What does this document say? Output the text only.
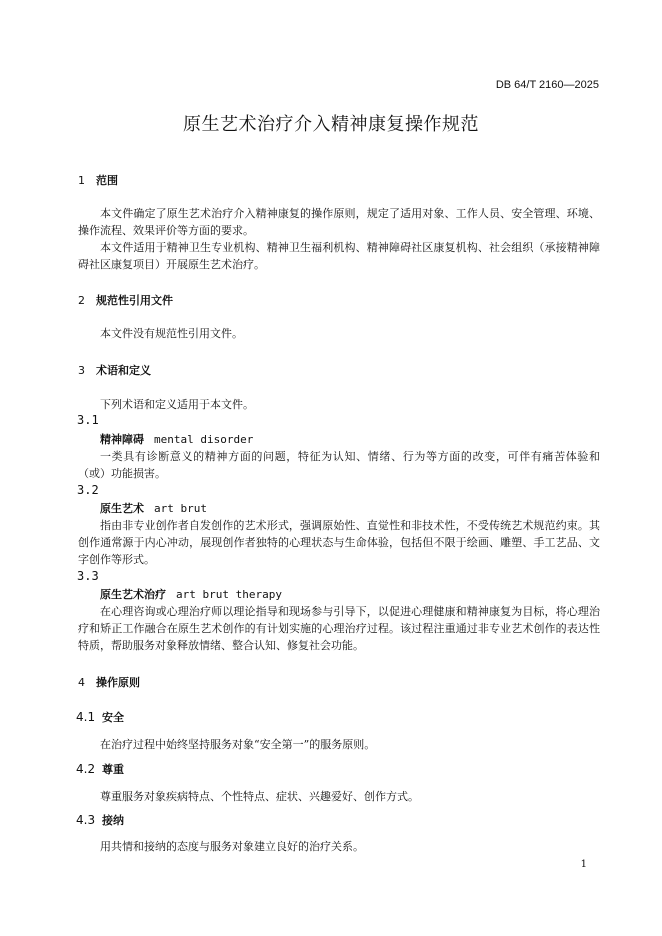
DB 64/T 2160—2025
原生艺术治疗介入精神康复操作规范
1 范围

本文件确定了原生艺术治疗介入精神康复的操作原则，规定了适用对象、工作人员、安全管理、环境、操作流程、效果评价等方面的要求。

本文件适用于精神卫生专业机构、精神卫生福利机构、精神障碍社区康复机构、社会组织（承接精神障碍社区康复项目）开展原生艺术治疗。

2 规范性引用文件

本文件没有规范性引用文件。

3 术语和定义

下列术语和定义适用于本文件。

3.1
精神障碍 mental disorder

一类具有诊断意义的精神方面的问题，特征为认知、情绪、行为等方面的改变，可伴有痛苦体验和（或）功能损害。

3.2
原生艺术 art brut

指由非专业创作者自发创作的艺术形式，强调原始性、直觉性和非技术性，不受传统艺术规范约束。其创作通常源于内心冲动，展现创作者独特的心理状态与生命体验，包括但不限于绘画、雕塑、手工艺品、文字创作等形式。

3.3
原生艺术治疗 art brut therapy

在心理咨询或心理治疗师以理论指导和现场参与引导下，以促进心理健康和精神康复为目标，将心理治疗和矫正工作融合在原生艺术创作的有计划实施的心理治疗过程。该过程注重通过非专业艺术创作的表达性特质，帮助服务对象释放情绪、整合认知、修复社会功能。

4 操作原则
4.1 安全

在治疗过程中始终坚持服务对象“安全第一”的服务原则。

4.2 尊重

尊重服务对象疾病特点、个性特点、症状、兴趣爱好、创作方式。

4.3 接纳

用共情和接纳的态度与服务对象建立良好的治疗关系。

1
